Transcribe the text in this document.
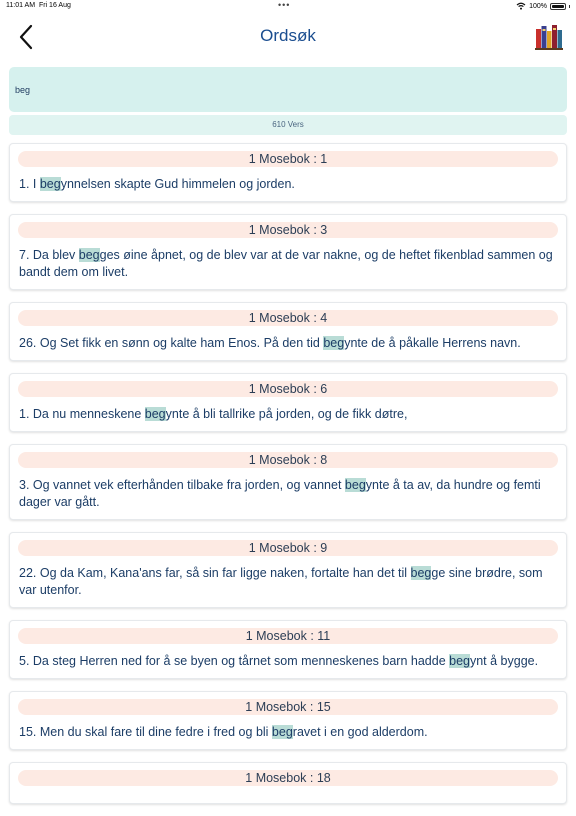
11:01 AM Fri 16 Aug	•••	100%
Ordsøk
beg
610 Vers
1 Mosebok : 1
1. I begynnelsen skapte Gud himmelen og jorden.
1 Mosebok : 3
7. Da blev begges øine åpnet, og de blev var at de var nakne, og de heftet fikenblad sammen og bandt dem om livet.
1 Mosebok : 4
26. Og Set fikk en sønn og kalte ham Enos. På den tid begynte de å påkalle Herrens navn.
1 Mosebok : 6
1. Da nu menneskene begynte å bli tallrike på jorden, og de fikk døtre,
1 Mosebok : 8
3. Og vannet vek efterhånden tilbake fra jorden, og vannet begynte å ta av, da hundre og femti dager var gått.
1 Mosebok : 9
22. Og da Kam, Kana'ans far, så sin far ligge naken, fortalte han det til begge sine brødre, som var utenfor.
1 Mosebok : 11
5. Da steg Herren ned for å se byen og tårnet som menneskenes barn hadde begynt å bygge.
1 Mosebok : 15
15. Men du skal fare til dine fedre i fred og bli begravet i en god alderdom.
1 Mosebok : 18
